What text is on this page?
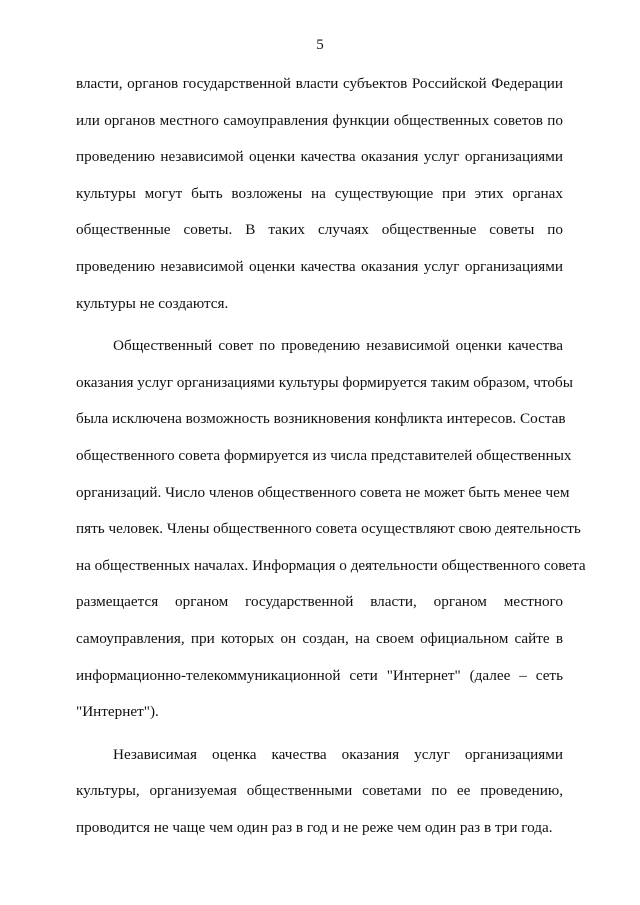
5
власти, органов государственной власти субъектов Российской Федерации
или органов местного самоуправления функции общественных советов по
проведению независимой оценки качества оказания услуг организациями
культуры могут быть возложены на существующие при этих органах
общественные советы. В таких случаях общественные советы по
проведению независимой оценки качества оказания услуг организациями
культуры не создаются.
Общественный совет по проведению независимой оценки качества
оказания услуг организациями культуры формируется таким образом, чтобы
была исключена возможность возникновения конфликта интересов. Состав
общественного совета формируется из числа представителей общественных
организаций. Число членов общественного совета не может быть менее чем
пять человек. Члены общественного совета осуществляют свою деятельность
на общественных началах. Информация о деятельности общественного совета
размещается органом государственной власти, органом местного
самоуправления, при которых он создан, на своем официальном сайте в
информационно-телекоммуникационной сети "Интернет" (далее – сеть
"Интернет").
Независимая оценка качества оказания услуг организациями
культуры, организуемая общественными советами по ее проведению,
проводится не чаще чем один раз в год и не реже чем один раз в три года.
